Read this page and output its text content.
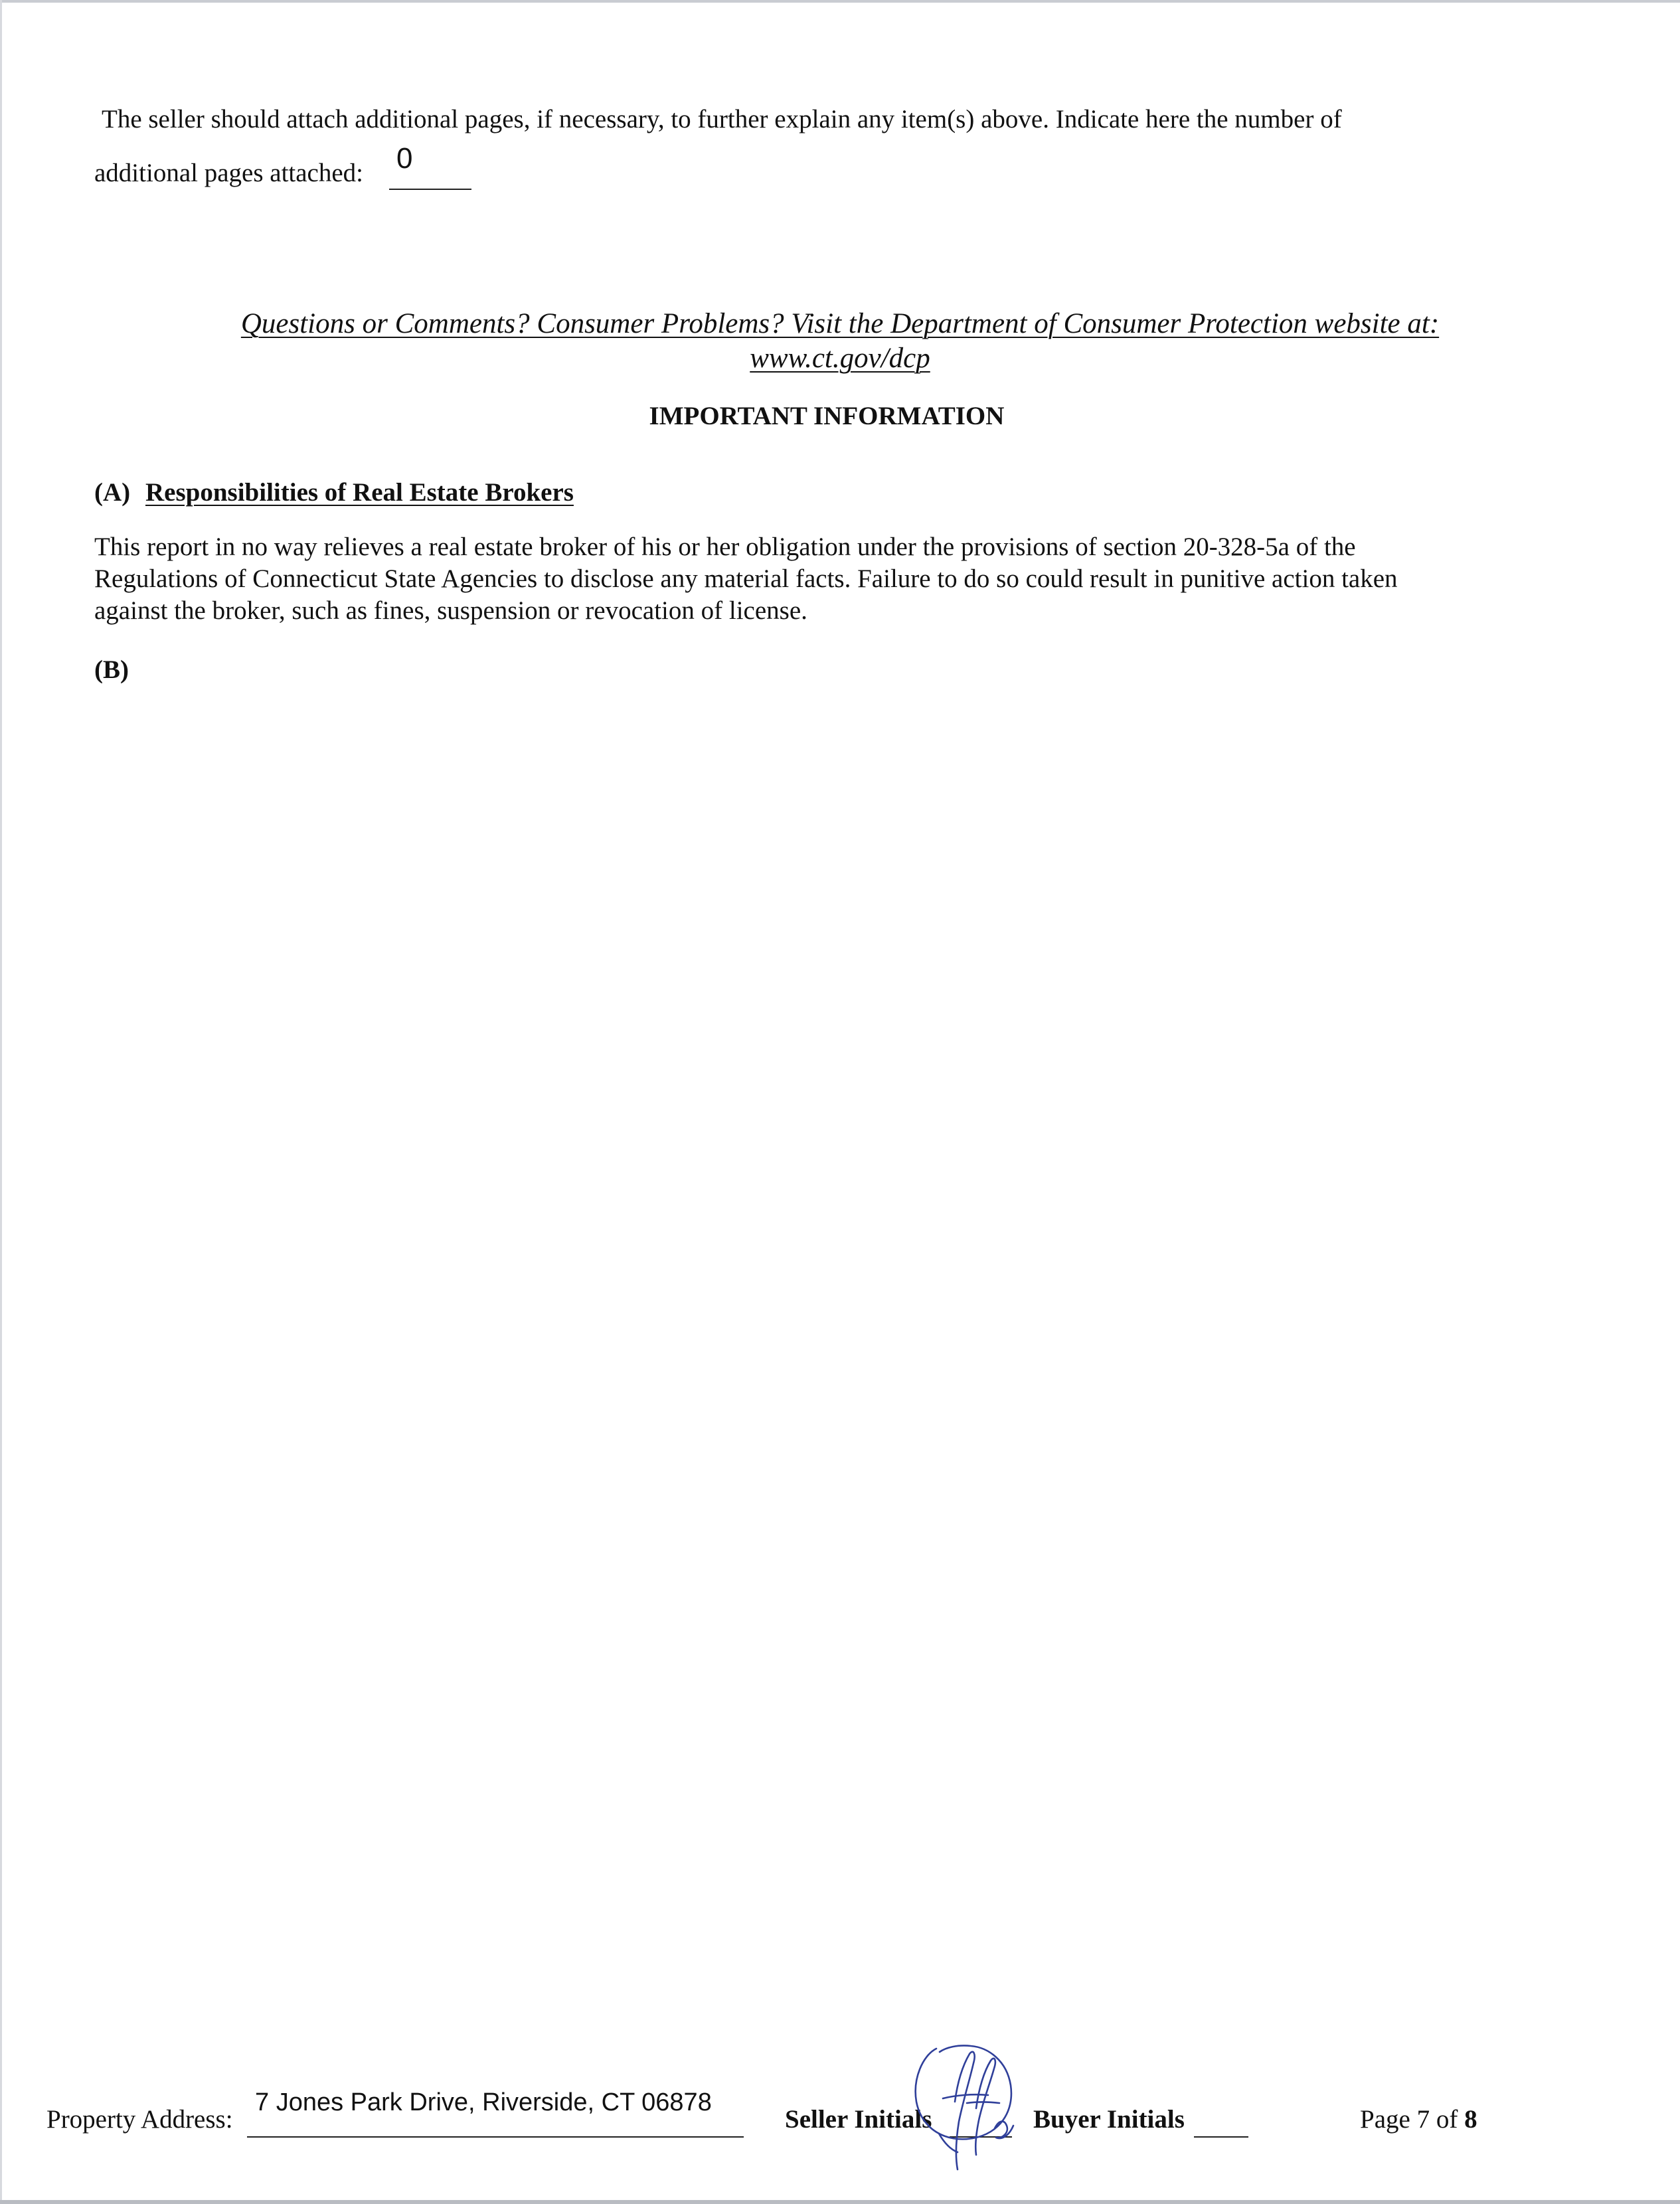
The seller should attach additional pages, if necessary, to further explain any item(s) above. Indicate here the number of
additional pages attached: 0
Questions or Comments? Consumer Problems? Visit the Department of Consumer Protection website at:
www.ct.gov/dcp
IMPORTANT INFORMATION
(A) Responsibilities of Real Estate Brokers
This report in no way relieves a real estate broker of his or her obligation under the provisions of section 20-328-5a of the
Regulations of Connecticut State Agencies to disclose any material facts. Failure to do so could result in punitive action taken
against the broker, such as fines, suspension or revocation of license.
(B)
Property Address:
7 Jones Park Drive, Riverside, CT 06878
Seller Initials	Buyer Initials	Page 7 of 8
